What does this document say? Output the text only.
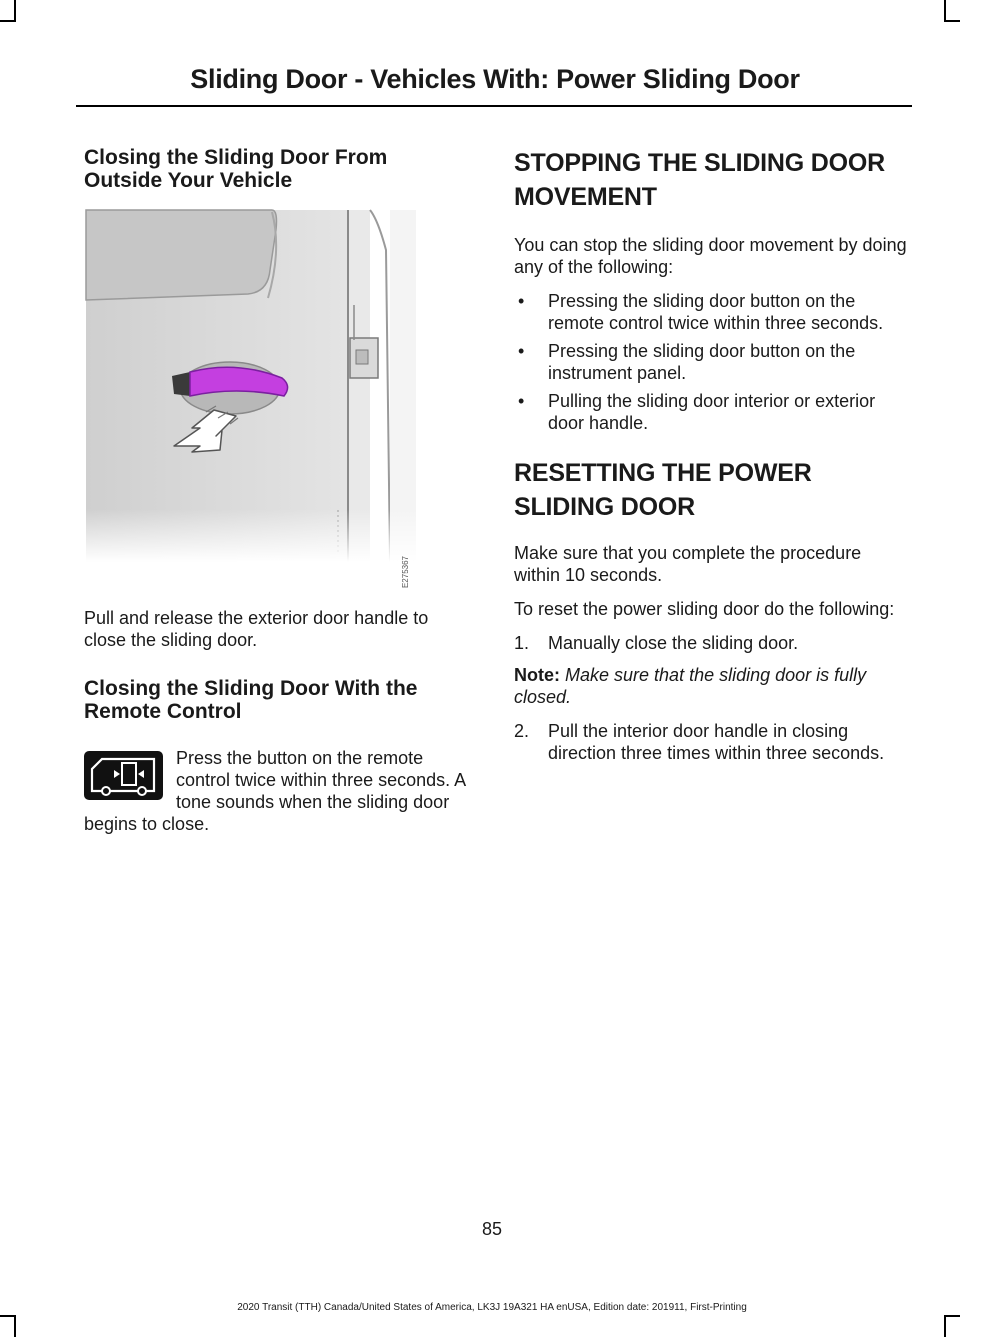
Sliding Door - Vehicles With: Power Sliding Door
Closing the Sliding Door From Outside Your Vehicle
E275367

Pull and release the exterior door handle to close the sliding door.

Closing the Sliding Door With the Remote Control

Press the button on the remote control twice within three seconds. A tone sounds when the sliding door begins to close.

STOPPING THE SLIDING DOOR
MOVEMENT

You can stop the sliding door movement by doing any of the following:

• Pressing the sliding door button on the remote control twice within three seconds.
• Pressing the sliding door button on the instrument panel.
• Pulling the sliding door interior or exterior door handle.
RESETTING THE POWER
SLIDING DOOR

Make sure that you complete the procedure within 10 seconds.

To reset the power sliding door do the following:

1. Manually close the sliding door.

Note: Make sure that the sliding door is fully closed.

2. Pull the interior door handle in closing direction three times within three seconds.
85
2020 Transit (TTH) Canada/United States of America, LK3J 19A321 HA enUSA, Edition date: 201911, First-Printing
